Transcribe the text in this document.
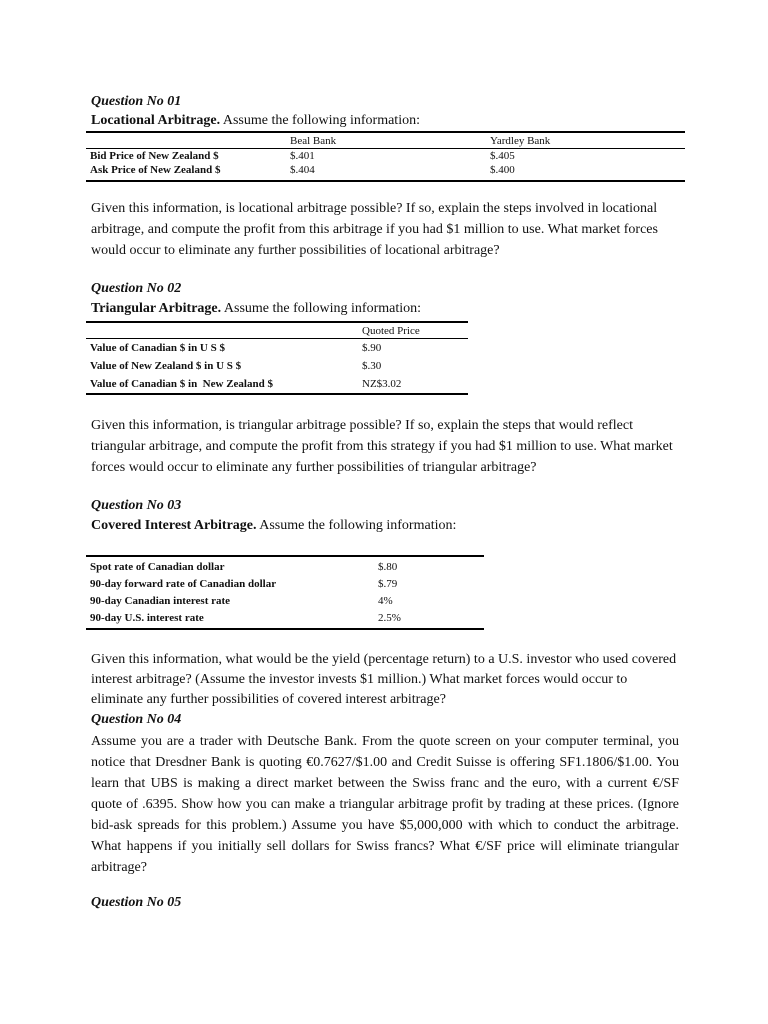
Question No 01
Locational Arbitrage. Assume the following information:
	Beal Bank	Yardley Bank
Bid Price of New Zealand $	$.401	$.405
Ask Price of New Zealand $	$.404	$.400
Given this information, is locational arbitrage possible? If so, explain the steps involved in locational arbitrage, and compute the profit from this arbitrage if you had $1 million to use. What market forces would occur to eliminate any further possibilities of locational arbitrage?
Question No 02
Triangular Arbitrage. Assume the following information:
	Quoted Price
Value of Canadian $ in U S $	$.90
Value of New Zealand $ in U S $	$.30
Value of Canadian $ in  New Zealand $	NZ$3.02
Given this information, is triangular arbitrage possible? If so, explain the steps that would reflect triangular arbitrage, and compute the profit from this strategy if you had $1 million to use. What market forces would occur to eliminate any further possibilities of triangular arbitrage?
Question No 03
Covered Interest Arbitrage. Assume the following information:
Spot rate of Canadian dollar	$.80
90-day forward rate of Canadian dollar	$.79
90-day Canadian interest rate	4%
90-day U.S. interest rate	2.5%
Given this information, what would be the yield (percentage return) to a U.S. investor who used covered interest arbitrage? (Assume the investor invests $1 million.) What market forces would occur to eliminate any further possibilities of covered interest arbitrage?
Question No 04
Assume you are a trader with Deutsche Bank. From the quote screen on your computer terminal, you notice that Dresdner Bank is quoting €0.7627/$1.00 and Credit Suisse is offering SF1.1806/$1.00. You learn that UBS is making a direct market between the Swiss franc and the euro, with a current €/SF quote of .6395. Show how you can make a triangular arbitrage profit by trading at these prices. (Ignore bid-ask spreads for this problem.) Assume you have $5,000,000 with which to conduct the arbitrage. What happens if you initially sell dollars for Swiss francs? What €/SF price will eliminate triangular arbitrage?
Question No 05
